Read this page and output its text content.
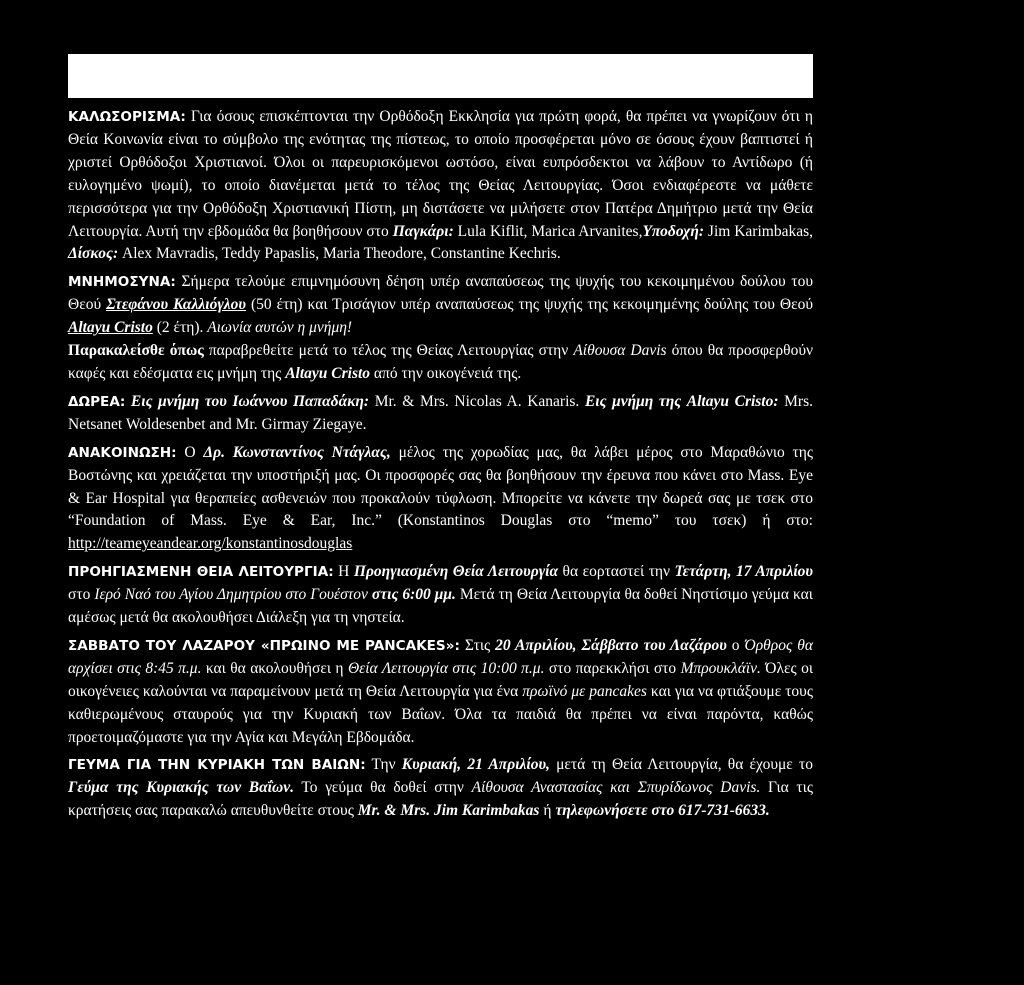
ΚΑΛΩΣΟΡΙΣΜΑ: Για όσους επισκέπτονται την Ορθόδοξη Εκκλησία για πρώτη φορά, θα πρέπει να γνωρίζουν ότι η Θεία Κοινωνία είναι το σύμβολο της ενότητας της πίστεως, το οποίο προσφέρεται μόνο σε όσους έχουν βαπτιστεί ή χριστεί Ορθόδοξοι Χριστιανοί. Όλοι οι παρευρισκόμενοι ωστόσο, είναι ευπρόσδεκτοι να λάβουν το Αντίδωρο (ή ευλογημένο ψωμί), το οποίο διανέμεται μετά το τέλος της Θείας Λειτουργίας. Όσοι ενδιαφέρεστε να μάθετε περισσότερα για την Ορθόδοξη Χριστιανική Πίστη, μη διστάσετε να μιλήσετε στον Πατέρα Δημήτριο μετά την Θεία Λειτουργία. Αυτή την εβδομάδα θα βοηθήσουν στο Παγκάρι: Lula Kiflit, Marica Arvanites,Υποδοχή: Jim Karimbakas, Δίσκος: Alex Mavradis, Teddy Papaslis, Maria Theodore, Constantine Kechris.

ΜΝΗΜΟΣΥΝΑ: Σήμερα τελούμε επιμνημόσυνη δέηση υπέρ αναπαύσεως της ψυχής του κεκοιμημένου δούλου του Θεού Στεφάνου Καλλιόγλου (50 έτη) και Τρισάγιον υπέρ αναπαύσεως της ψυχής της κεκοιμημένης δούλης του Θεού Altayu Cristo (2 έτη). Αιωνία αυτών η μνήμη!
Παρακαλείσθε όπως παραβρεθείτε μετά το τέλος της Θείας Λειτουργίας στην Αίθουσα Davis όπου θα προσφερθούν καφές και εδέσματα εις μνήμη της Altayu Cristo από την οικογένειά της.

ΔΩΡΕΑ: Εις μνήμη του Ιωάννου Παπαδάκη: Mr. & Mrs. Nicolas A. Kanaris. Εις μνήμη της Altayu Cristo: Mrs. Netsanet Woldesenbet and Mr. Girmay Ziegaye.

ΑΝΑΚΟΙΝΩΣΗ: Ο Δρ. Κωνσταντίνος Ντάγλας, μέλος της χορωδίας μας, θα λάβει μέρος στο Μαραθώνιο της Βοστώνης και χρειάζεται την υποστήριξή μας. Οι προσφορές σας θα βοηθήσουν την έρευνα που κάνει στο Mass. Eye & Ear Hospital για θεραπείες ασθενειών που προκαλούν τύφλωση. Μπορείτε να κάνετε την δωρεά σας με τσεκ στο “Foundation of Mass. Eye & Ear, Inc.” (Konstantinos Douglas στο “memo” του τσεκ) ή στο: http://teameyeandear.org/konstantinosdouglas

ΠΡΟΗΓΙΑΣΜΕΝΗ ΘΕΙΑ ΛΕΙΤΟΥΡΓΙΑ: Η Προηγιασμένη Θεία Λειτουργία θα εορταστεί την Τετάρτη, 17 Απριλίου στο Ιερό Ναό του Αγίου Δημητρίου στο Γουέστον στις 6:00 μμ. Μετά τη Θεία Λειτουργία θα δοθεί Νηστίσιμο γεύμα και αμέσως μετά θα ακολουθήσει Διάλεξη για τη νηστεία.

ΣΑΒΒΑΤΟ ΤΟΥ ΛΑΖΑΡΟΥ «ΠΡΩΙΝΟ ΜΕ PANCAKES»: Στις 20 Απριλίου, Σάββατο του Λαζάρου ο Όρθρος θα αρχίσει στις 8:45 π.μ. και θα ακολουθήσει η Θεία Λειτουργία στις 10:00 π.μ. στο παρεκκλήσι στο Μπρουκλάϊν. Όλες οι οικογένειες καλούνται να παραμείνουν μετά τη Θεία Λειτουργία για ένα πρωϊνό με pancakes και για να φτιάξουμε τους καθιερωμένους σταυρούς για την Κυριακή των Βαΐων. Όλα τα παιδιά θα πρέπει να είναι παρόντα, καθώς προετοιμαζόμαστε για την Αγία και Μεγάλη Εβδομάδα.

ΓΕΥΜΑ ΓΙΑ ΤΗΝ ΚΥΡΙΑΚΗ ΤΩΝ ΒΑΙΩΝ: Την Κυριακή, 21 Απριλίου, μετά τη Θεία Λειτουργία, θα έχουμε το Γεύμα της Κυριακής των Βαΐων. Το γεύμα θα δοθεί στην Αίθουσα Αναστασίας και Σπυρίδωνος Davis. Για τις κρατήσεις σας παρακαλώ απευθυνθείτε στους Mr. & Mrs. Jim Karimbakas ή τηλεφωνήσετε στο 617-731-6633.
